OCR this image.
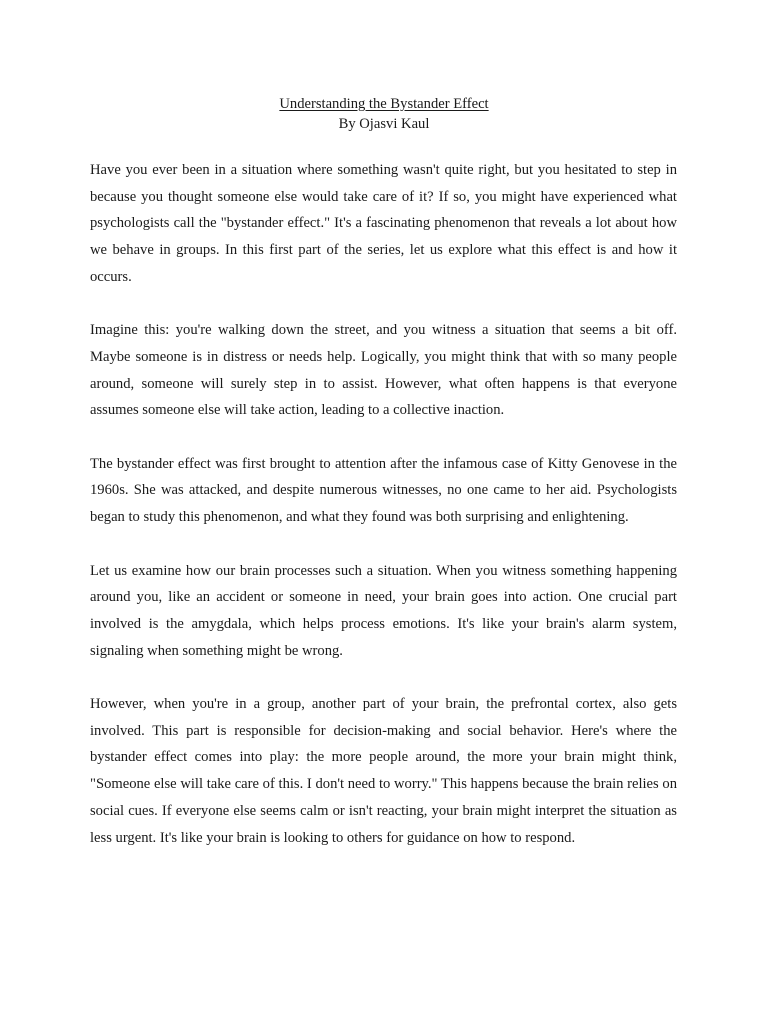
Understanding the Bystander Effect
By Ojasvi Kaul

Have you ever been in a situation where something wasn't quite right, but you hesitated to step in because you thought someone else would take care of it? If so, you might have experienced what psychologists call the "bystander effect." It's a fascinating phenomenon that reveals a lot about how we behave in groups. In this first part of the series, let us explore what this effect is and how it occurs.

Imagine this: you're walking down the street, and you witness a situation that seems a bit off. Maybe someone is in distress or needs help. Logically, you might think that with so many people around, someone will surely step in to assist. However, what often happens is that everyone assumes someone else will take action, leading to a collective inaction.

The bystander effect was first brought to attention after the infamous case of Kitty Genovese in the 1960s. She was attacked, and despite numerous witnesses, no one came to her aid. Psychologists began to study this phenomenon, and what they found was both surprising and enlightening.

Let us examine how our brain processes such a situation. When you witness something happening around you, like an accident or someone in need, your brain goes into action. One crucial part involved is the amygdala, which helps process emotions. It's like your brain's alarm system, signaling when something might be wrong.

However, when you're in a group, another part of your brain, the prefrontal cortex, also gets involved. This part is responsible for decision-making and social behavior. Here's where the bystander effect comes into play: the more people around, the more your brain might think, "Someone else will take care of this. I don't need to worry." This happens because the brain relies on social cues. If everyone else seems calm or isn't reacting, your brain might interpret the situation as less urgent. It's like your brain is looking to others for guidance on how to respond.
